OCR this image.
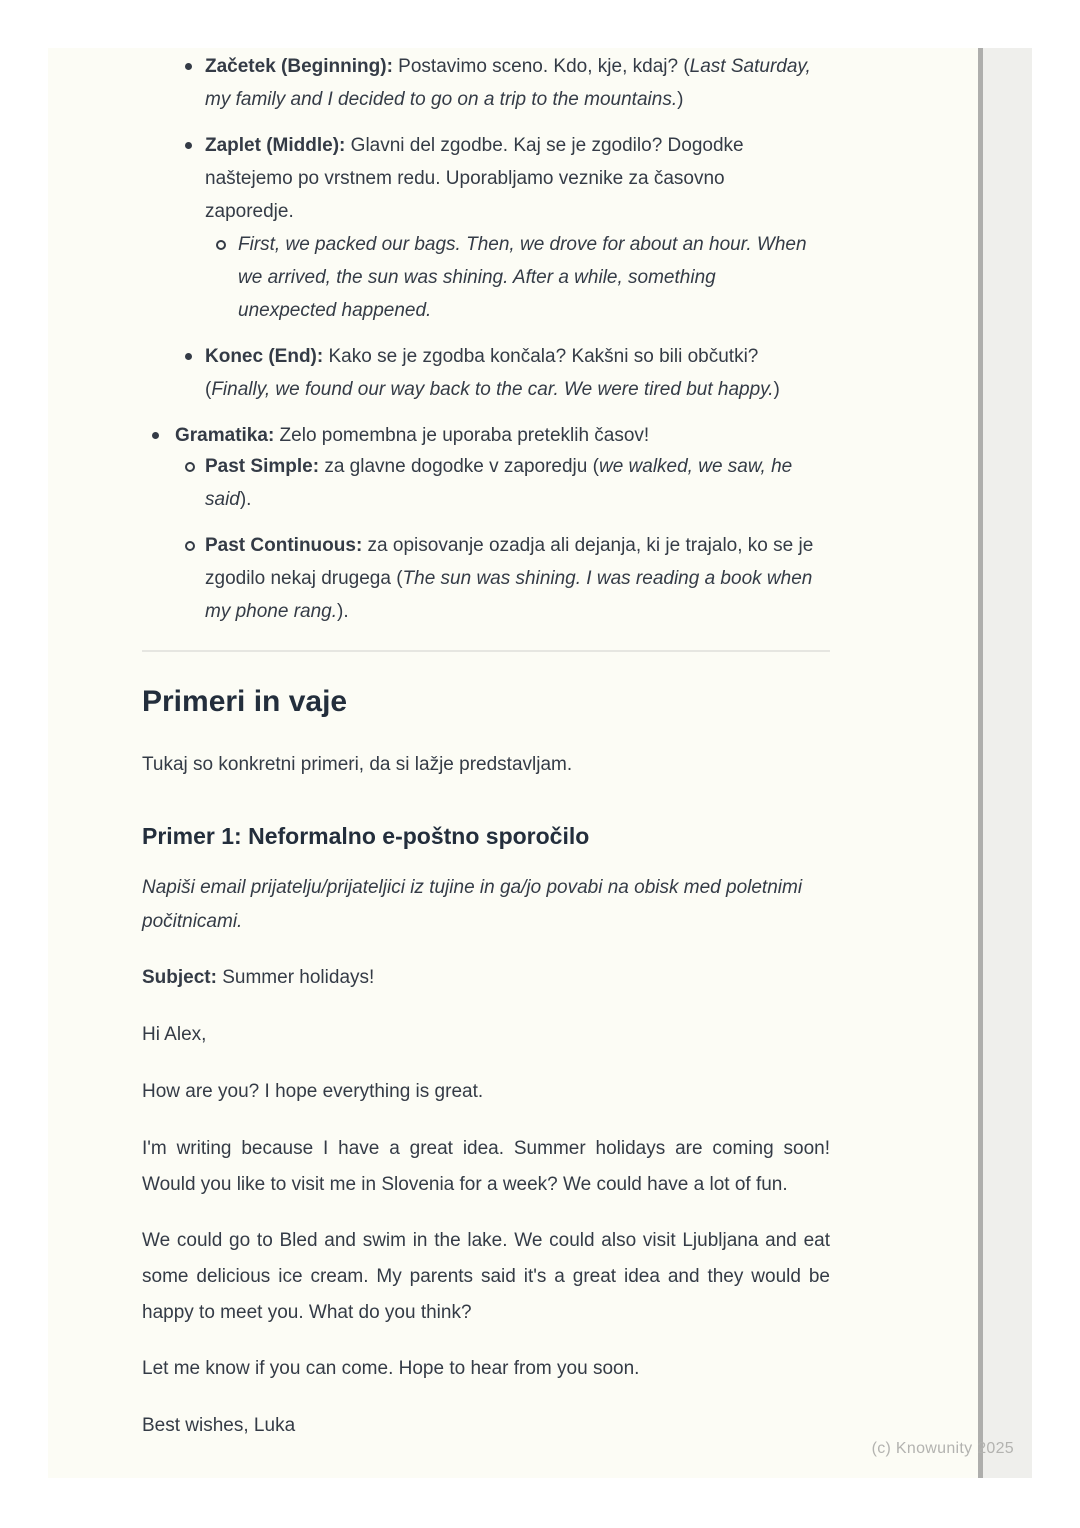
Začetek (Beginning): Postavimo sceno. Kdo, kje, kdaj? (Last Saturday,
my family and I decided to go on a trip to the mountains.)
Zaplet (Middle): Glavni del zgodbe. Kaj se je zgodilo? Dogodke
naštejemo po vrstnem redu. Uporabljamo veznike za časovno
zaporedje.
First, we packed our bags. Then, we drove for about an hour. When
we arrived, the sun was shining. After a while, something
unexpected happened.
Konec (End): Kako se je zgodba končala? Kakšni so bili občutki?
(Finally, we found our way back to the car. We were tired but happy.)
Gramatika: Zelo pomembna je uporaba preteklih časov!
Past Simple: za glavne dogodke v zaporedju (we walked, we saw, he
said).
Past Continuous: za opisovanje ozadja ali dejanja, ki je trajalo, ko se je
zgodilo nekaj drugega (The sun was shining. I was reading a book when
my phone rang.).
Primeri in vaje

Tukaj so konkretni primeri, da si lažje predstavljam.

Primer 1: Neformalno e-poštno sporočilo

Napiši email prijatelju/prijateljici iz tujine in ga/jo povabi na obisk med poletnimi
počitnicami.

Subject: Summer holidays!

Hi Alex,

How are you? I hope everything is great.

I'm writing because I have a great idea. Summer holidays are coming soon!
Would you like to visit me in Slovenia for a week? We could have a lot of fun.

We could go to Bled and swim in the lake. We could also visit Ljubljana and eat
some delicious ice cream. My parents said it's a great idea and they would be
happy to meet you. What do you think?

Let me know if you can come. Hope to hear from you soon.

Best wishes, Luka

(c) Knowunity 2025
